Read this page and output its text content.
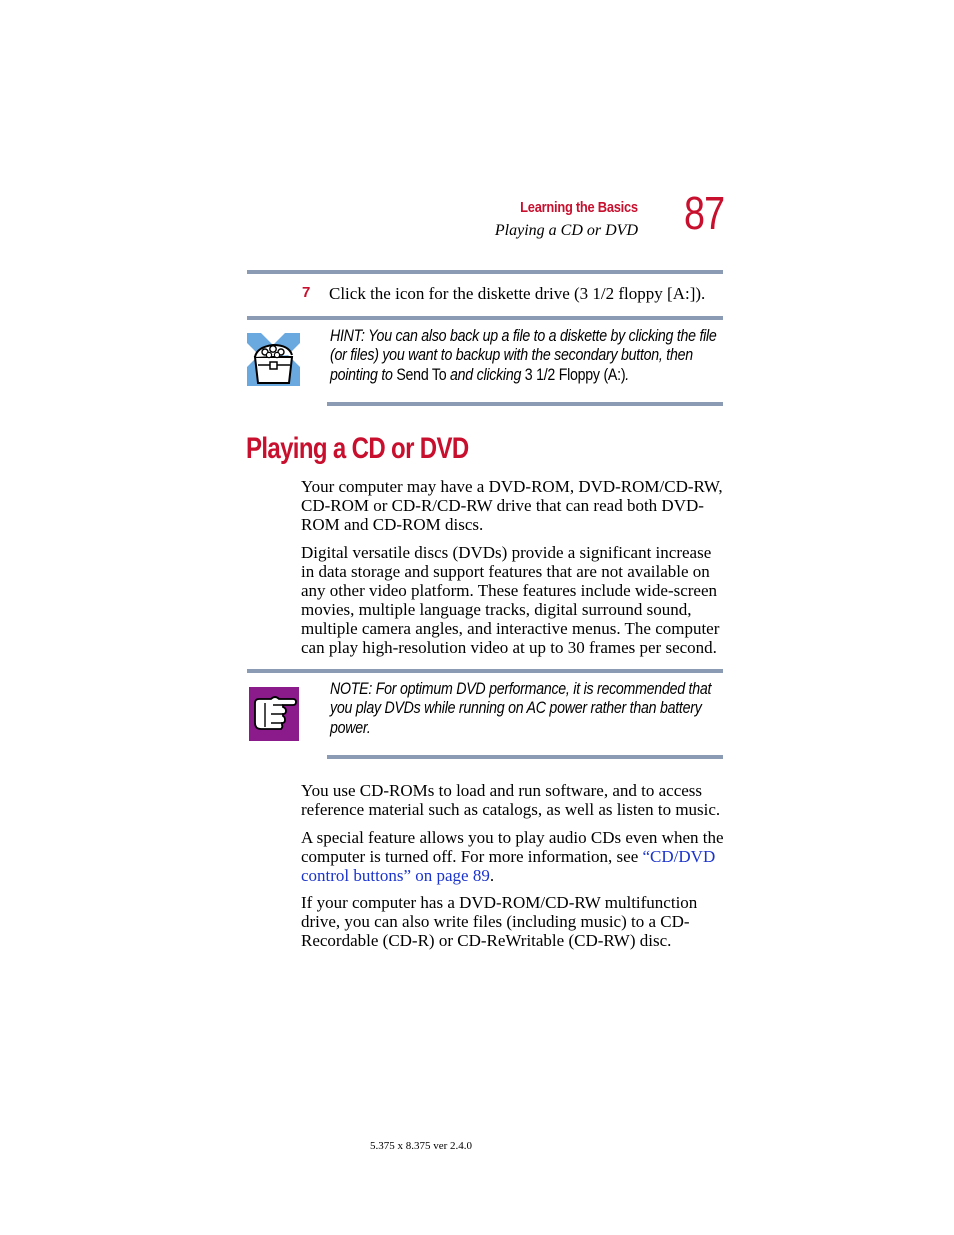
Learning the Basics
Playing a CD or DVD 87
7 Click the icon for the diskette drive (3 1/2 floppy [A:]).
HINT: You can also back up a file to a diskette by clicking the file
(or files) you want to backup with the secondary button, then
pointing to Send To and clicking 3 1/2 Floppy (A:).
Playing a CD or DVD
Your computer may have a DVD-ROM, DVD-ROM/CD-RW,
CD-ROM or CD-R/CD-RW drive that can read both DVD-
ROM and CD-ROM discs.
Digital versatile discs (DVDs) provide a significant increase
in data storage and support features that are not available on
any other video platform. These features include wide-screen
movies, multiple language tracks, digital surround sound,
multiple camera angles, and interactive menus. The computer
can play high-resolution video at up to 30 frames per second.
NOTE: For optimum DVD performance, it is recommended that
you play DVDs while running on AC power rather than battery
power.
You use CD-ROMs to load and run software, and to access
reference material such as catalogs, as well as listen to music.
A special feature allows you to play audio CDs even when the
computer is turned off. For more information, see “CD/DVD
control buttons” on page 89.
If your computer has a DVD-ROM/CD-RW multifunction
drive, you can also write files (including music) to a CD-
Recordable (CD-R) or CD-ReWritable (CD-RW) disc.
5.375 x 8.375 ver 2.4.0
